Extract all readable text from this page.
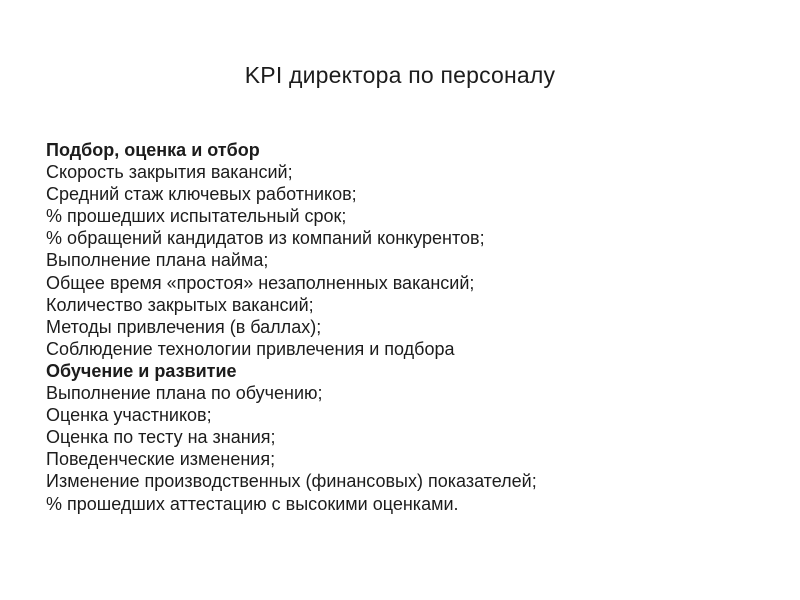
KPI директора по персоналу

Подбор, оценка и отбор

Скорость закрытия вакансий;

Средний стаж ключевых работников;

% прошедших испытательный срок;

% обращений кандидатов из компаний конкурентов;

Выполнение плана найма;

Общее время «простоя» незаполненных вакансий;

Количество закрытых вакансий;

Методы привлечения (в баллах);

Соблюдение технологии привлечения и подбора

Обучение и развитие

Выполнение плана по обучению;

Оценка участников;

Оценка по тесту на знания;

Поведенческие изменения;

Изменение производственных (финансовых) показателей;

% прошедших аттестацию с высокими оценками.
